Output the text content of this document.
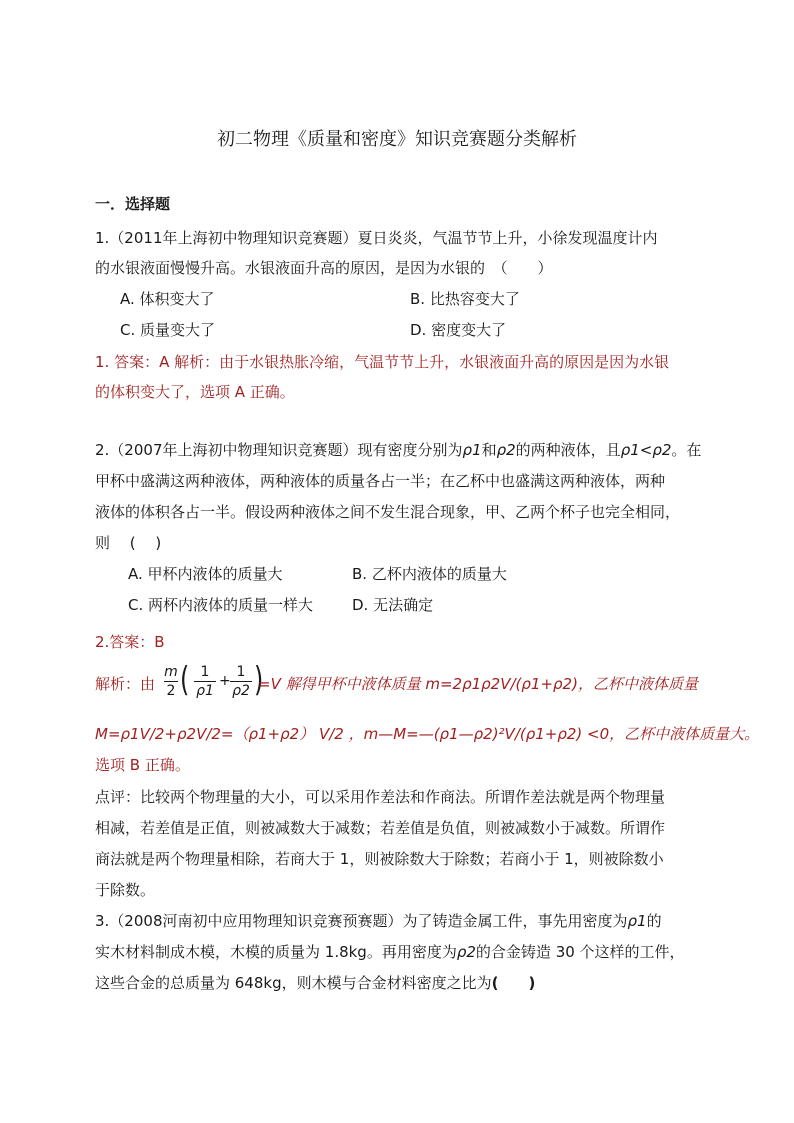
初二物理《质量和密度》知识竞赛题分类解析
一．选择题
1.（2011年上海初中物理知识竞赛题）夏日炎炎，气温节节上升，小徐发现温度计内
的水银液面慢慢升高。水银液面升高的原因，是因为水银的　（　　）
A. 体积变大了	B. 比热容变大了
C. 质量变大了	D. 密度变大了
1. 答案：A 解析：由于水银热胀冷缩，气温节节上升，水银液面升高的原因是因为水银
的体积变大了，选项 A 正确。
2.（2007年上海初中物理知识竞赛题）现有密度分别为ρ1和ρ2的两种液体，且ρ1<ρ2。在
甲杯中盛满这两种液体，两种液体的质量各占一半；在乙杯中也盛满这两种液体，两种
液体的体积各占一半。假设两种液体之间不发生混合现象，甲、乙两个杯子也完全相同，
则　 (　 )
A. 甲杯内液体的质量大	B. 乙杯内液体的质量大
C. 两杯内液体的质量一样大	D. 无法确定
2.答案：B
解析：由
m
2 ( 1
ρ1
+
1
ρ2 )
=V 解得甲杯中液体质量 m=2ρ1ρ2V/(ρ1+ρ2)，乙杯中液体质量
M=ρ1V/2+ρ2V/2=（ρ1+ρ2） V/2 ，m—M=—(ρ1—ρ2)²V/(ρ1+ρ2) <0，乙杯中液体质量大。
选项 B 正确。
点评：比较两个物理量的大小，可以采用作差法和作商法。所谓作差法就是两个物理量
相减，若差值是正值，则被减数大于减数；若差值是负值，则被减数小于减数。所谓作
商法就是两个物理量相除，若商大于 1，则被除数大于除数；若商小于 1，则被除数小
于除数。
3.（2008河南初中应用物理知识竞赛预赛题）为了铸造金属工件，事先用密度为ρ1的
实木材料制成木模，木模的质量为 1.8kg。再用密度为ρ2的合金铸造 30 个这样的工件，
这些合金的总质量为 648kg，则木模与合金材料密度之比为(　　)
